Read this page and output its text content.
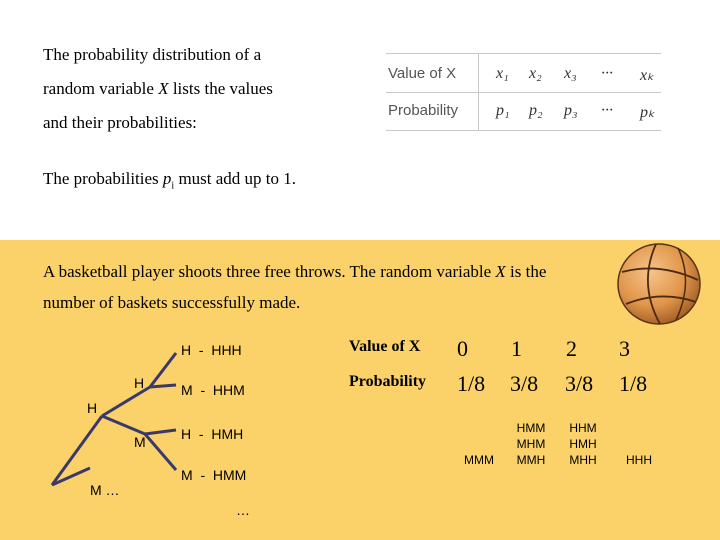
The probability distribution of a
random variable X lists the values
and their probabilities:
The probabilities $p_i$ must add up to 1.
Value of X x₁ x₂ x₃ ··· xₖ
Probability p₁ p₂ p₃ ··· pₖ
A basketball player shoots three free throws. The random variable X is the
number of baskets successfully made.
H
M …
H
M
H  -  HHH
M  -  HHM
H  -  HMH
M  -  HMM
…
Value of X
Probability
0 1 2 3
1/8 3/8 3/8 1/8
MMM
HMM
MHM
MMH
HHM
HMH
MHH	HHH
